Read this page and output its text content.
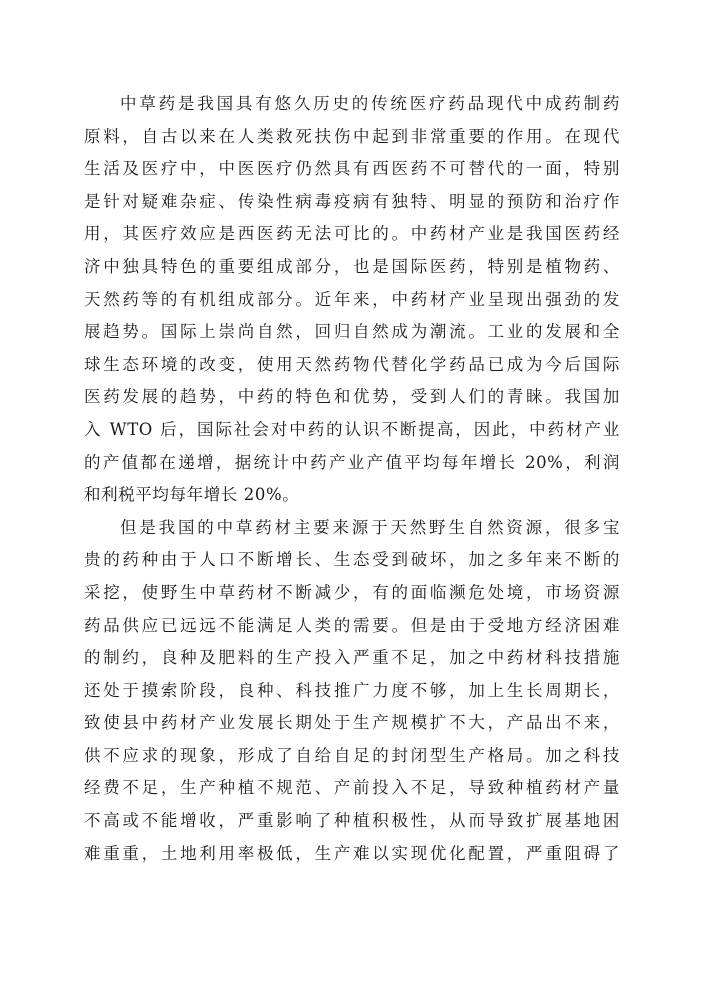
中草药是我国具有悠久历史的传统医疗药品现代中成药制药
原料，自古以来在人类救死扶伤中起到非常重要的作用。在现代
生活及医疗中，中医医疗仍然具有西医药不可替代的一面，特别
是针对疑难杂症、传染性病毒疫病有独特、明显的预防和治疗作
用，其医疗效应是西医药无法可比的。中药材产业是我国医药经
济中独具特色的重要组成部分，也是国际医药，特别是植物药、
天然药等的有机组成部分。近年来，中药材产业呈现出强劲的发
展趋势。国际上崇尚自然，回归自然成为潮流。工业的发展和全
球生态环境的改变，使用天然药物代替化学药品已成为今后国际
医药发展的趋势，中药的特色和优势，受到人们的青睐。我国加
入 WTO 后，国际社会对中药的认识不断提高，因此，中药材产业
的产值都在递增，据统计中药产业产值平均每年增长 20%，利润
和利税平均每年增长 20%。

但是我国的中草药材主要来源于天然野生自然资源，很多宝
贵的药种由于人口不断增长、生态受到破坏，加之多年来不断的
采挖，使野生中草药材不断减少，有的面临濒危处境，市场资源
药品供应已远远不能满足人类的需要。但是由于受地方经济困难
的制约，良种及肥料的生产投入严重不足，加之中药材科技措施
还处于摸索阶段，良种、科技推广力度不够，加上生长周期长，
致使县中药材产业发展长期处于生产规模扩不大，产品出不来，
供不应求的现象，形成了自给自足的封闭型生产格局。加之科技
经费不足，生产种植不规范、产前投入不足，导致种植药材产量
不高或不能增收，严重影响了种植积极性，从而导致扩展基地困
难重重，土地利用率极低，生产难以实现优化配置，严重阻碍了
